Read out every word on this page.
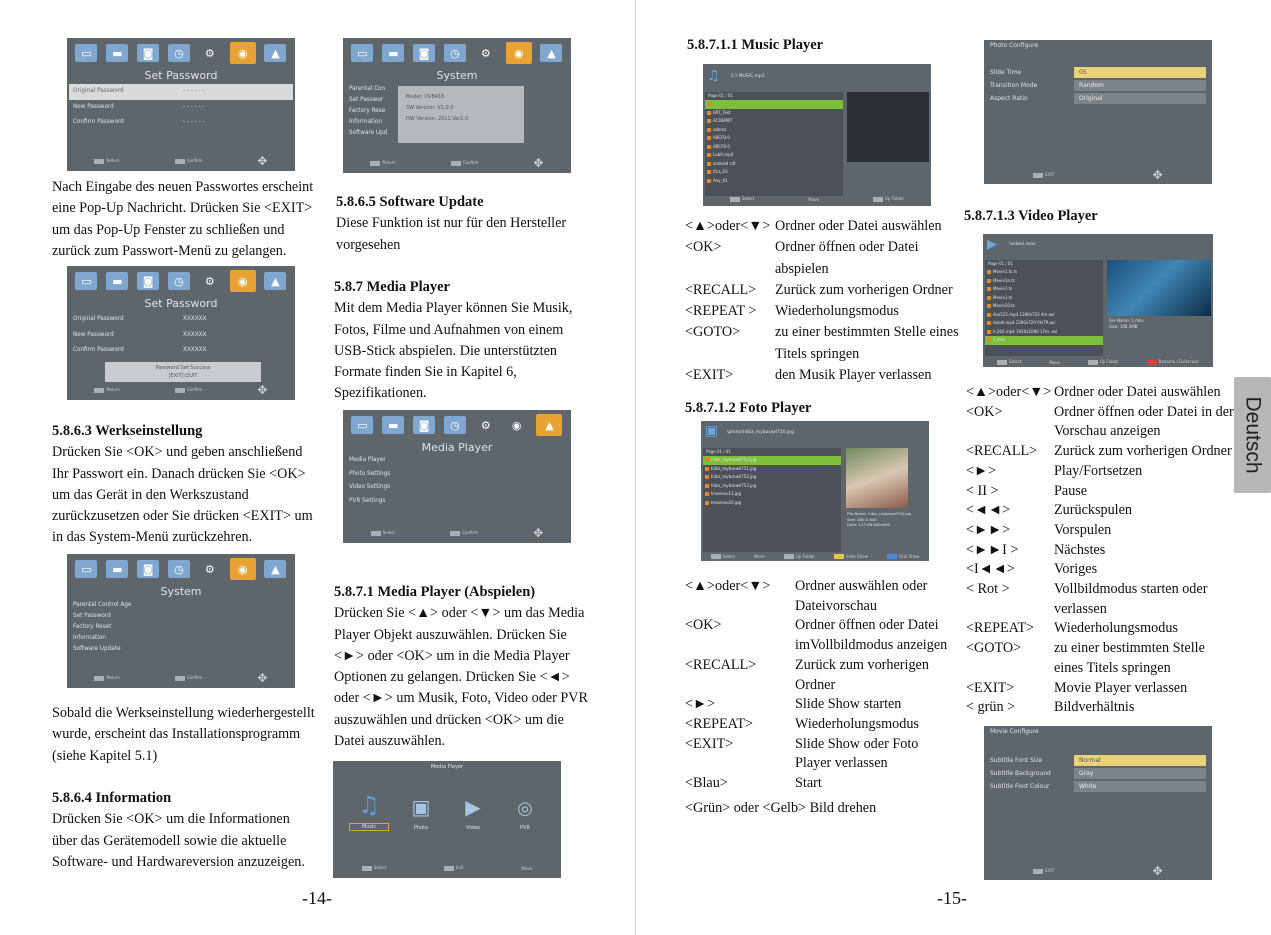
▭	▬	◙	◷	⚙	◉	▲
Set Password
Original Password	- - - - - -
New Password	- - - - - -
Confirm Password	- - - - - -
Return	Confirm	✥
▭	▬	◙	◷	⚙	◉	▲
System
Parental Con
Set Passwor
Factory Rese
Information
Software Upd
Model: DVB415
SW Version: V1.0.0
HW Version: 2011.Ver1.0
Return	Confirm	✥
Nach Eingabe des neuen Passwortes erscheint eine Pop-Up Nachricht. Drücken Sie <EXIT> um das Pop-Up Fenster zu schließen und zurück zum Passwort-Menü zu gelangen.
▭	▬	◙	◷	⚙	◉	▲
Set Password
Original Password	XXXXXX
New Password	XXXXXX
Confirm Password	XXXXXX
Password Set Success
[EXIT]:QUIT
Return	Confirm	✥
5.8.6.5 Software Update
Diese Funktion ist nur für den Hersteller vorgesehen
5.8.7 Media Player
Mit dem Media Player können Sie Musik, Fotos, Filme und Aufnahmen von einem USB-Stick abspielen. Die unterstützten Formate finden Sie in Kapitel 6, Spezifikationen.
▭	▬	◙	◷	⚙	◉	▲
Media Player
Media Player
Photo Settings
Video Settings
PVR Settings
Select	Confirm	✥
5.8.6.3 Werkseinstellung
Drücken Sie <OK> und geben anschließend Ihr Passwort ein. Danach drücken Sie <OK> um das Gerät in den Werkszustand zurückzusetzen oder Sie drücken <EXIT> um in das System-Menü zurückzehren.
▭	▬	◙	◷	⚙	◉	▲
System
Parental Control Age
Set Password
Factory Reset
Information
Software Update
Return	Confirm	✥
Sobald die Werkseinstellung wiederhergestellt wurde, erscheint das Installationsprogramm (siehe Kapitel 5.1)
5.8.6.4 Information
Drücken Sie <OK> um die Informationen über das Gerätemodell sowie die aktuelle Software- und Hardwareversion anzuzeigen.
5.8.7.1 Media Player (Abspielen)
Drücken Sie <▲> oder <▼> um das Media Player Objekt auszuwählen. Drücken Sie <►> oder <OK> um in die Media Player Optionen zu gelangen. Drücken Sie <◄> oder <►> um Musik, Foto, Video oder PVR auszuwählen und drücken <OK> um die Datei auszuwählen.
Media Player
♫
Music
▣
Photo
▶
Video
◎
PVR
Select	Exit	Move
-14-
5.8.7.1.1 Music Player
♫	C:\ MUSIC.mp3
Page 01 / 01
BRT_Test
ACDEMRT
sobrez
ABCP3.0
ABCP3.0
Lubit.mp4
android cdt
01a_03
Any_01
Select	Move	Up Folder
<▲>oder<▼> Ordner oder Datei auswählen
<OK>	Ordner öffnen oder Datei abspielen
<RECALL>	Zurück zum vorherigen Ordner
<REPEAT >	Wiederholungsmodus
<GOTO>	zu einer bestimmten Stelle eines Titels springen
<EXIT>	den Musik Player verlassen
Photo Configure
Slide Time	05
Transition Mode	Random
Aspect Ratio	Original
EXIT	✥
5.8.7.1.3 Video Player
▶	\video\.mov
Page 01 / 01
Movie1.ts.ts
Movie1a.ts
Movie1.ts
Movie1.ts
Movie20.ts
dvx525.mp4 1280x720 4m.avi
dandl.mp4 1280x720 fileTR.avi
h.264.mp4 1920x1080 17m .avi
1.mkv
File Name: 1.mkv
Size: 148.3MB
Select	Move	Up Folder	Rename / Fullscreen
<▲>oder<▼> Ordner oder Datei auswählen
<OK>	Ordner öffnen oder Datei in der Vorschau anzeigen
<RECALL>	Zurück zum vorherigen Ordner
<►>	Play/Fortsetzen
< II >	Pause
<◄◄>	Zurückspulen
<►►>	Vorspulen
<►►I >	Nächstes
<I◄◄>	Voriges
< Rot >	Vollbildmodus starten oder verlassen
<REPEAT>	Wiederholungsmodus
<GOTO>	zu einer bestimmten Stelle eines Titels springen
<EXIT>	Movie Player verlassen
< grün >	Bildverhältnis
5.8.7.1.2 Foto Player
▣ \photo\hibiz_mybaswll750.jpg
Page 01 / 01
hibiz_mybaswll750.jpg
hibiz_mybaswll751.jpg
hibiz_mybaswll752.jpg
hibiz_mybaswll753.jpg
Imaeneu11.jpg
Imaeneu20.jpg
File Name: hibiz_mybaswll750.jpg
Size: 480 X 640
Date: 123 KB 640x480
Select	Move	Up Folder	Slide Show	Grid Show
<▲>oder<▼>	Ordner auswählen oder Dateivorschau
<OK>	Ordner öffnen oder Datei imVollbildmodus anzeigen
<RECALL>	Zurück zum vorherigen Ordner
<►>	Slide Show starten
<REPEAT>	Wiederholungsmodus
<EXIT>	Slide Show oder Foto Player verlassen
<Blau>	Start
<Grün> oder <Gelb> Bild drehen
Movie Configure
Subtitle Font Size	Normal
Subtitle Background	Gray
Subtitle Font Colour	White
EXIT	✥
Deutsch
-15-
